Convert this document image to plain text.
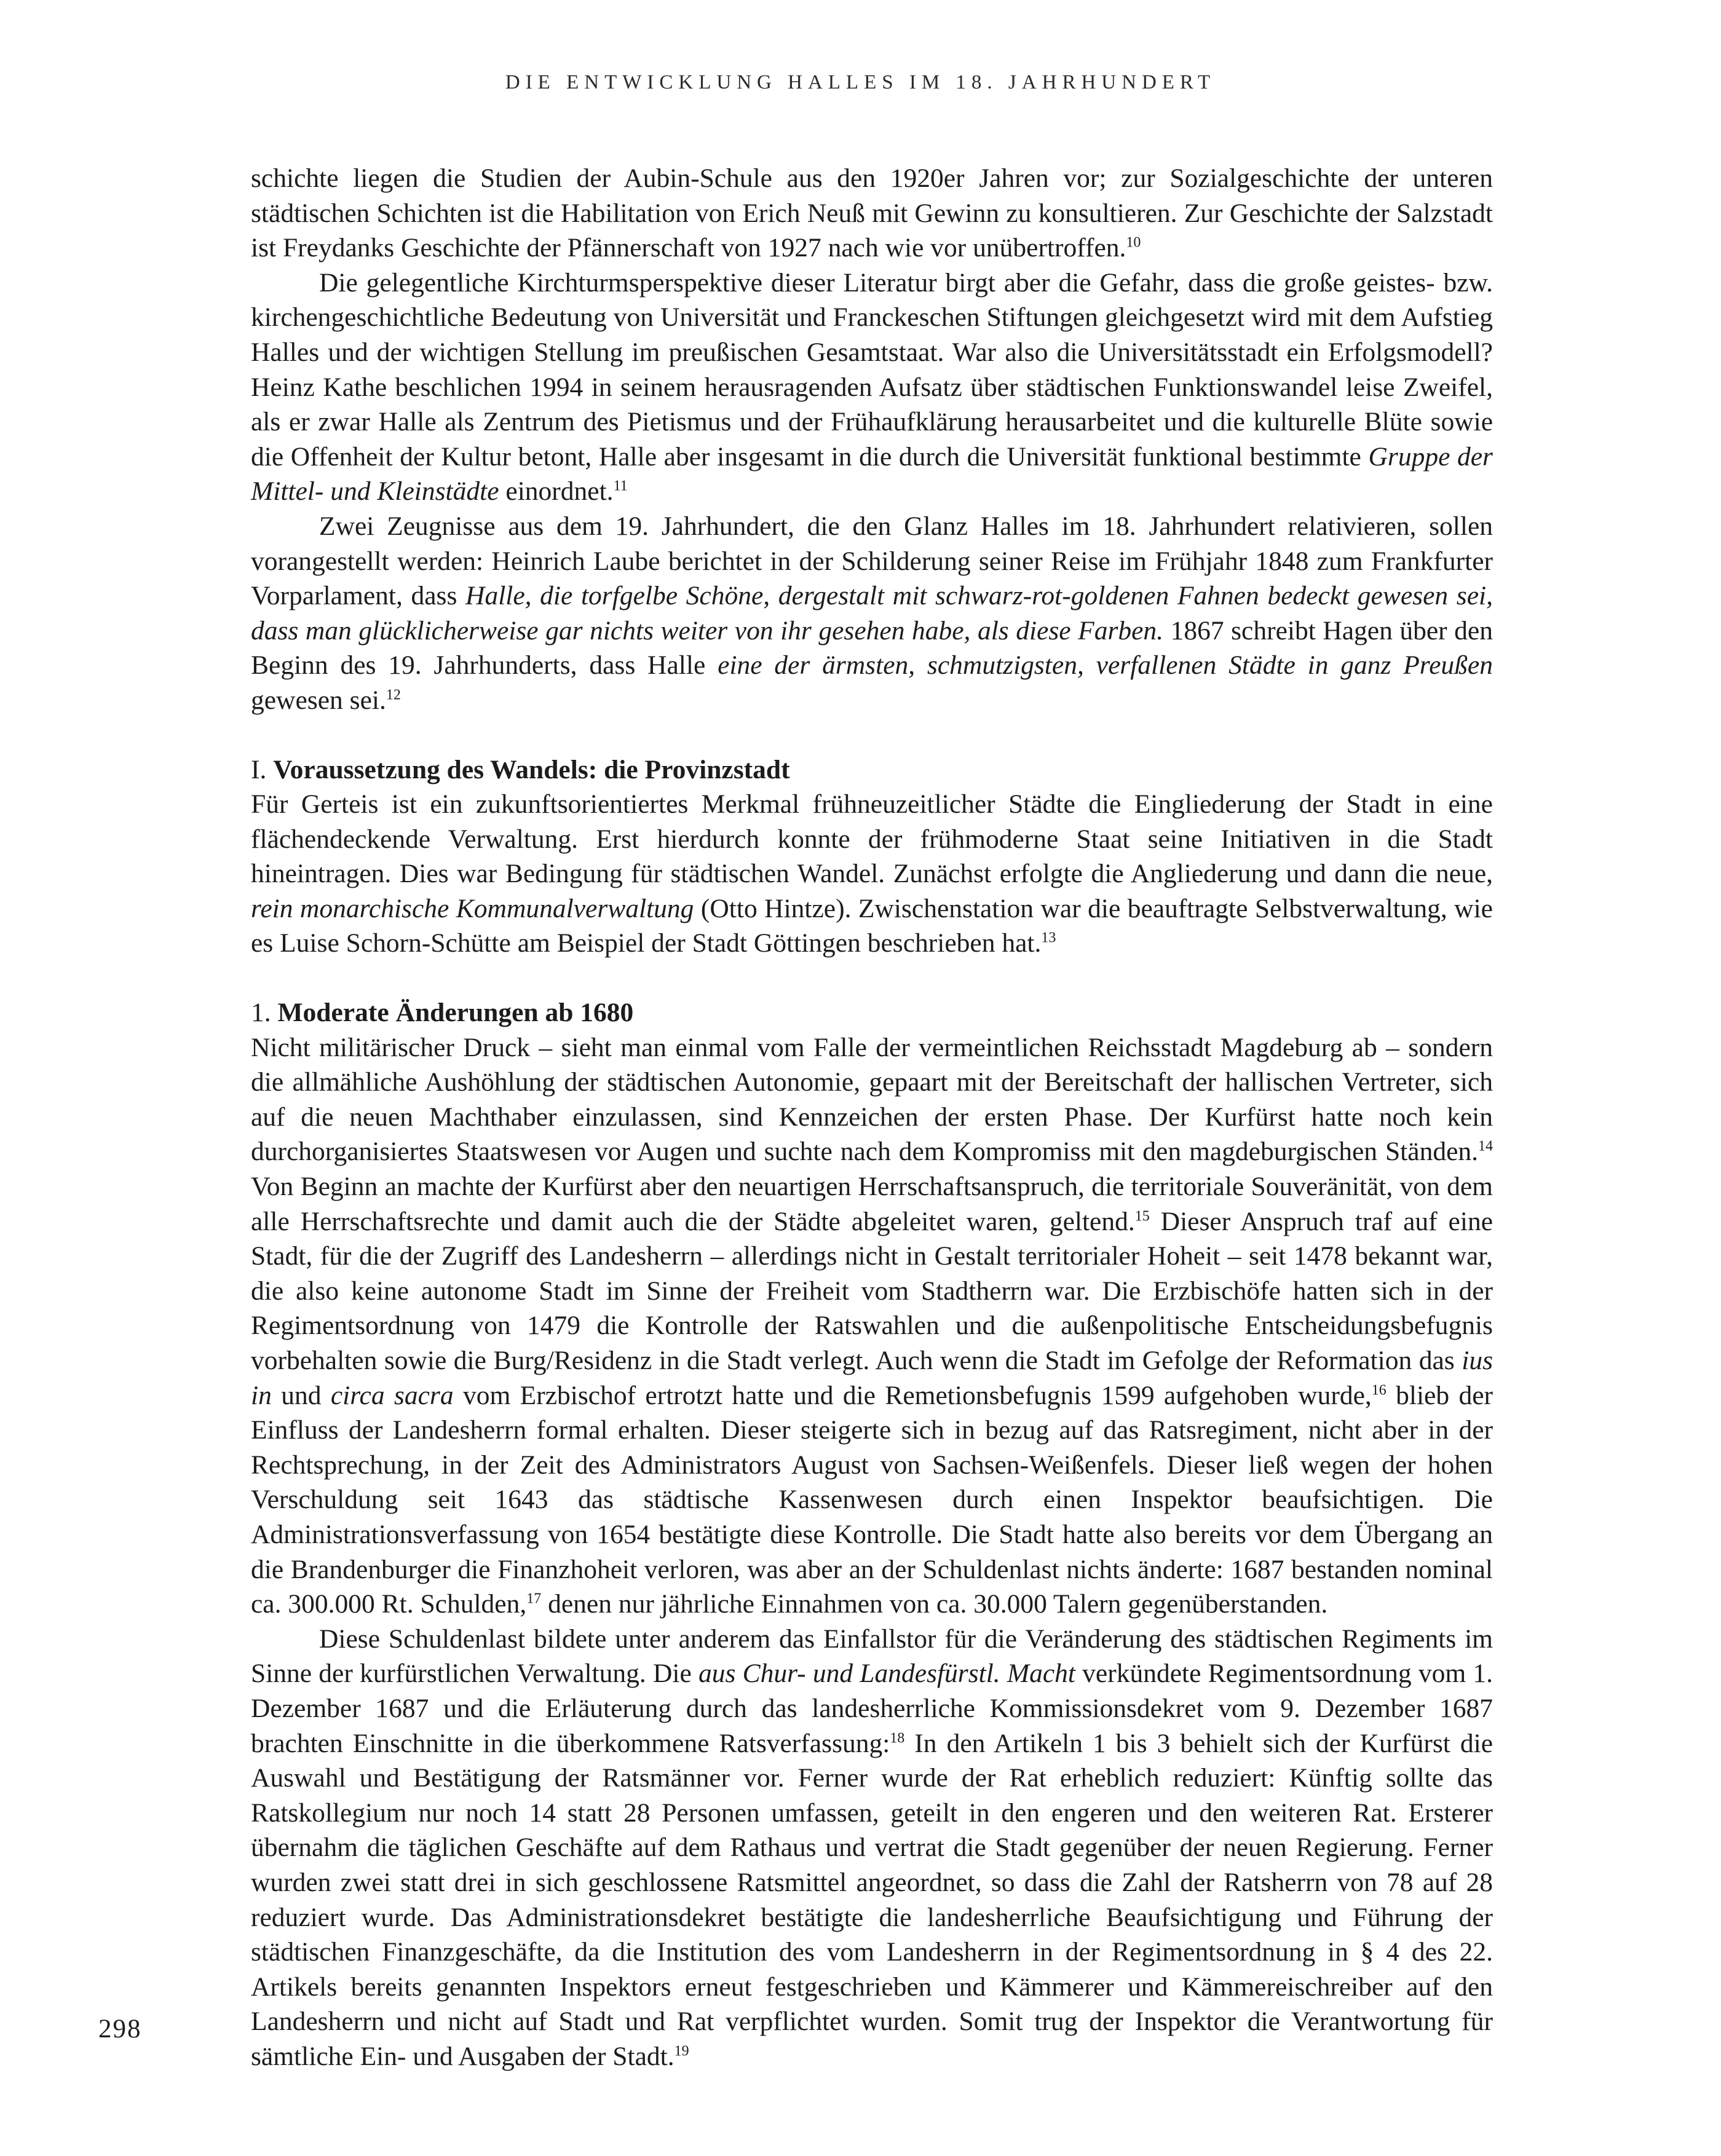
DIE ENTWICKLUNG HALLES IM 18. JAHRHUNDERT

schichte liegen die Studien der Aubin-Schule aus den 1920er Jahren vor; zur Sozialgeschichte der unteren städtischen Schichten ist die Habilitation von Erich Neuß mit Gewinn zu konsultieren. Zur Geschichte der Salzstadt ist Freydanks Geschichte der Pfännerschaft von 1927 nach wie vor unübertroffen.$^{10}$

Die gelegentliche Kirchturmsperspektive dieser Literatur birgt aber die Gefahr, dass die große geistes- bzw. kirchengeschichtliche Bedeutung von Universität und Franckeschen Stiftungen gleichgesetzt wird mit dem Aufstieg Halles und der wichtigen Stellung im preußischen Gesamtstaat. War also die Universitätsstadt ein Erfolgsmodell? Heinz Kathe beschlichen 1994 in seinem herausragenden Aufsatz über städtischen Funktionswandel leise Zweifel, als er zwar Halle als Zentrum des Pietismus und der Frühaufklärung herausarbeitet und die kulturelle Blüte sowie die Offenheit der Kultur betont, Halle aber insgesamt in die durch die Universität funktional bestimmte Gruppe der Mittel- und Kleinstädte einordnet.$^{11}$

Zwei Zeugnisse aus dem 19. Jahrhundert, die den Glanz Halles im 18. Jahrhundert relativieren, sollen vorangestellt werden: Heinrich Laube berichtet in der Schilderung seiner Reise im Frühjahr 1848 zum Frankfurter Vorparlament, dass Halle, die torfgelbe Schöne, dergestalt mit schwarz-rot-goldenen Fahnen bedeckt gewesen sei, dass man glücklicherweise gar nichts weiter von ihr gesehen habe, als diese Farben. 1867 schreibt Hagen über den Beginn des 19. Jahrhunderts, dass Halle eine der ärmsten, schmutzigsten, verfallenen Städte in ganz Preußen gewesen sei.$^{12}$

I. Voraussetzung des Wandels: die Provinzstadt

Für Gerteis ist ein zukunftsorientiertes Merkmal frühneuzeitlicher Städte die Eingliederung der Stadt in eine flächendeckende Verwaltung. Erst hierdurch konnte der frühmoderne Staat seine Initiativen in die Stadt hineintragen. Dies war Bedingung für städtischen Wandel. Zunächst erfolgte die Angliederung und dann die neue, rein monarchische Kommunalverwaltung (Otto Hintze). Zwischenstation war die beauftragte Selbstverwaltung, wie es Luise Schorn-Schütte am Beispiel der Stadt Göttingen beschrieben hat.$^{13}$

1. Moderate Änderungen ab 1680

Nicht militärischer Druck – sieht man einmal vom Falle der vermeintlichen Reichsstadt Magdeburg ab – sondern die allmähliche Aushöhlung der städtischen Autonomie, gepaart mit der Bereitschaft der hallischen Vertreter, sich auf die neuen Machthaber einzulassen, sind Kennzeichen der ersten Phase. Der Kurfürst hatte noch kein durchorganisiertes Staatswesen vor Augen und suchte nach dem Kompromiss mit den magdeburgischen Ständen.$^{14}$ Von Beginn an machte der Kurfürst aber den neuartigen Herrschaftsanspruch, die territoriale Souveränität, von dem alle Herrschaftsrechte und damit auch die der Städte abgeleitet waren, geltend.$^{15}$ Dieser Anspruch traf auf eine Stadt, für die der Zugriff des Landesherrn – allerdings nicht in Gestalt territorialer Hoheit – seit 1478 bekannt war, die also keine autonome Stadt im Sinne der Freiheit vom Stadtherrn war. Die Erzbischöfe hatten sich in der Regimentsordnung von 1479 die Kontrolle der Ratswahlen und die außenpolitische Entscheidungsbefugnis vorbehalten sowie die Burg/Residenz in die Stadt verlegt. Auch wenn die Stadt im Gefolge der Reformation das ius in und circa sacra vom Erzbischof ertrotzt hatte und die Remetionsbefugnis 1599 aufgehoben wurde,$^{16}$ blieb der Einfluss der Landesherrn formal erhalten. Dieser steigerte sich in bezug auf das Ratsregiment, nicht aber in der Rechtsprechung, in der Zeit des Administrators August von Sachsen-Weißenfels. Dieser ließ wegen der hohen Verschuldung seit 1643 das städtische Kassenwesen durch einen Inspektor beaufsichtigen. Die Administrationsverfassung von 1654 bestätigte diese Kontrolle. Die Stadt hatte also bereits vor dem Übergang an die Brandenburger die Finanzhoheit verloren, was aber an der Schuldenlast nichts änderte: 1687 bestanden nominal ca. 300.000 Rt. Schulden,$^{17}$ denen nur jährliche Einnahmen von ca. 30.000 Talern gegenüberstanden.

Diese Schuldenlast bildete unter anderem das Einfallstor für die Veränderung des städtischen Regiments im Sinne der kurfürstlichen Verwaltung. Die aus Chur- und Landesfürstl. Macht verkündete Regimentsordnung vom 1. Dezember 1687 und die Erläuterung durch das landesherrliche Kommissionsdekret vom 9. Dezember 1687 brachten Einschnitte in die überkommene Ratsverfassung:$^{18}$ In den Artikeln 1 bis 3 behielt sich der Kurfürst die Auswahl und Bestätigung der Ratsmänner vor. Ferner wurde der Rat erheblich reduziert: Künftig sollte das Ratskollegium nur noch 14 statt 28 Personen umfassen, geteilt in den engeren und den weiteren Rat. Ersterer übernahm die täglichen Geschäfte auf dem Rathaus und vertrat die Stadt gegenüber der neuen Regierung. Ferner wurden zwei statt drei in sich geschlossene Ratsmittel angeordnet, so dass die Zahl der Ratsherrn von 78 auf 28 reduziert wurde. Das Administrationsdekret bestätigte die landesherrliche Beaufsichtigung und Führung der städtischen Finanzgeschäfte, da die Institution des vom Landesherrn in der Regimentsordnung in § 4 des 22. Artikels bereits genannten Inspektors erneut festgeschrieben und Kämmerer und Kämmereischreiber auf den Landesherrn und nicht auf Stadt und Rat verpflichtet wurden. Somit trug der Inspektor die Verantwortung für sämtliche Ein- und Ausgaben der Stadt.$^{19}$

298
